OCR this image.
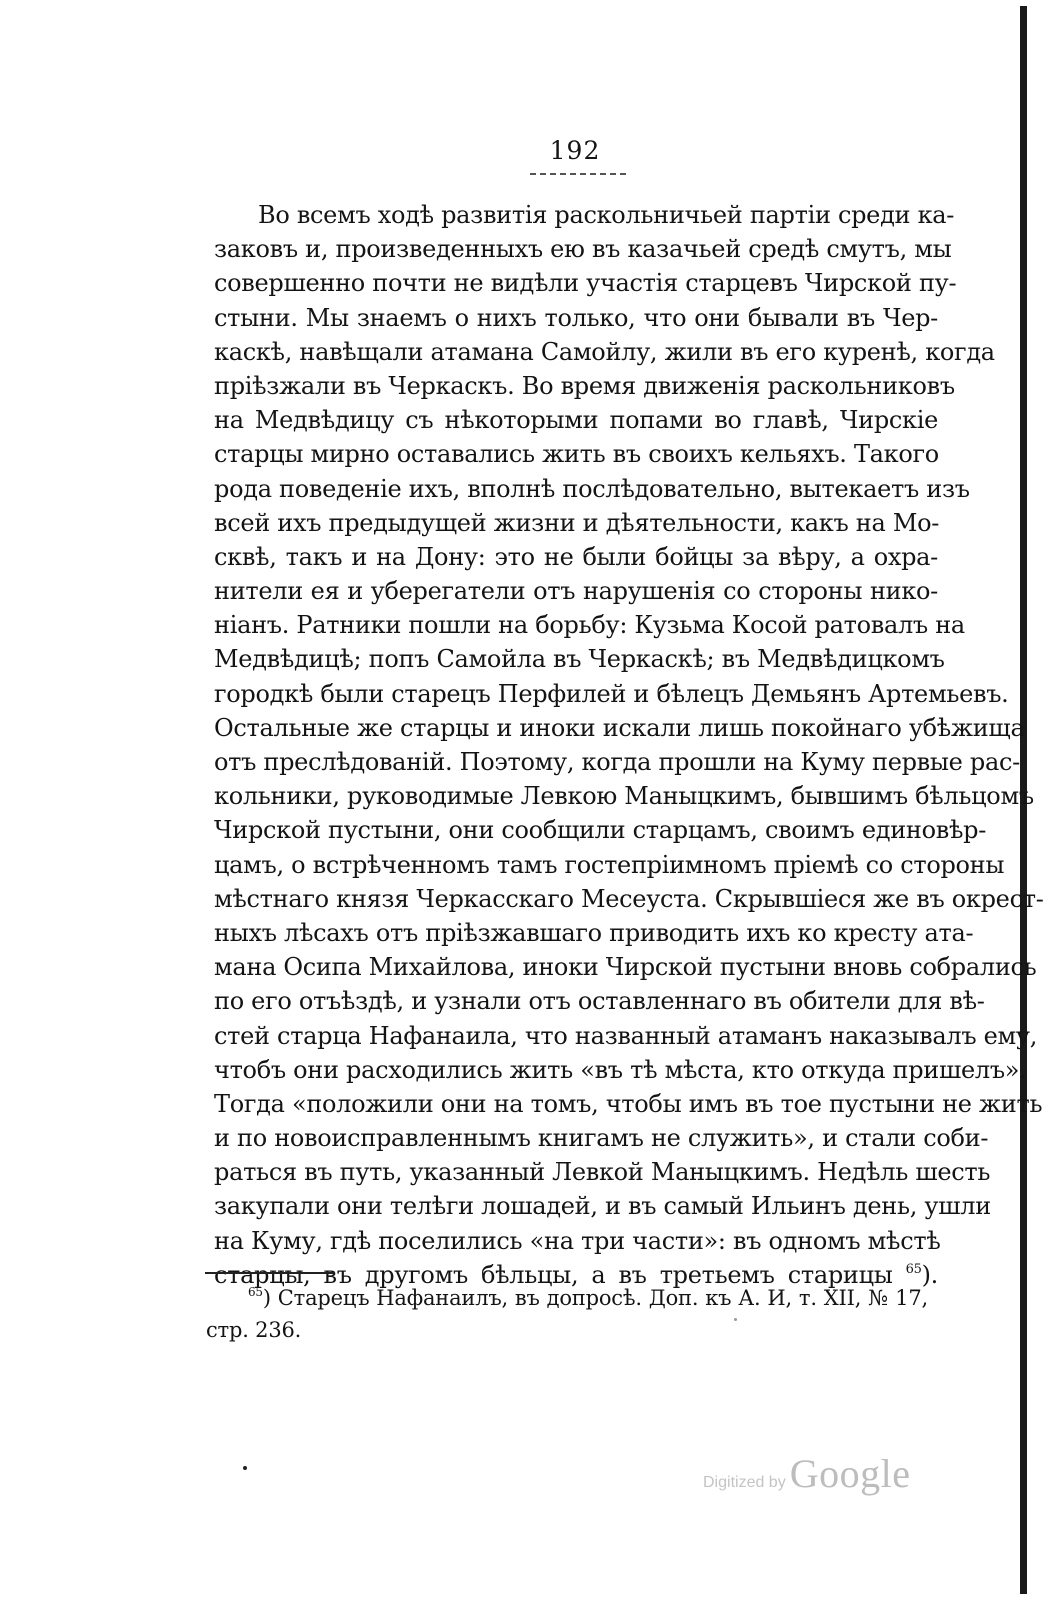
192
Во всемъ ходѣ развитія раскольничьей партіи среди ка-
заковъ и, произведенныхъ ею въ казачьей средѣ смутъ, мы
совершенно почти не видѣли участія старцевъ Чирской пу-
стыни. Мы знаемъ о нихъ только, что они бывали въ Чер-
каскѣ, навѣщали атамана Самойлу, жили въ его куренѣ, когда
пріѣзжали въ Черкаскъ. Во время движенія раскольниковъ
на Медвѣдицу съ нѣкоторыми попами во главѣ, Чирскіе
старцы мирно оставались жить въ своихъ кельяхъ. Такого
рода поведеніе ихъ, вполнѣ послѣдовательно, вытекаетъ изъ
всей ихъ предыдущей жизни и дѣятельности, какъ на Мо-
сквѣ, такъ и на Дону: это не были бойцы за вѣру, а охра-
нители ея и уберегатели отъ нарушенія со стороны нико-
ніанъ. Ратники пошли на борьбу: Кузьма Косой ратовалъ на
Медвѣдицѣ; попъ Самойла въ Черкаскѣ; въ Медвѣдицкомъ
городкѣ были старецъ Перфилей и бѣлецъ Демьянъ Артемьевъ.
Остальные же старцы и иноки искали лишь покойнаго убѣжища
отъ преслѣдованій. Поэтому, когда прошли на Куму первые рас-
кольники, руководимые Левкою Маныцкимъ, бывшимъ бѣльцомъ
Чирской пустыни, они сообщили старцамъ, своимъ единовѣр-
цамъ, о встрѣченномъ тамъ гостепріимномъ пріемѣ со стороны
мѣстнаго князя Черкасскаго Месеуста. Скрывшіеся же въ окрест-
ныхъ лѣсахъ отъ пріѣзжавшаго приводить ихъ ко кресту ата-
мана Осипа Михайлова, иноки Чирской пустыни вновь собрались
по его отъѣздѣ, и узнали отъ оставленнаго въ обители для вѣ-
стей старца Нафанаила, что названный атаманъ наказывалъ ему,
чтобъ они расходились жить «въ тѣ мѣста, кто откуда пришелъ».
Тогда «положили они на томъ, чтобы имъ въ тое пустыни не жить
и по новоисправленнымъ книгамъ не служить», и стали соби-
раться въ путь, указанный Левкой Маныцкимъ. Недѣль шесть
закупали они телѣги лошадей, и въ самый Ильинъ день, ушли
на Куму, гдѣ поселились «на три части»: въ одномъ мѣстѣ
старцы, въ другомъ бѣльцы, а въ третьемъ старицы $^{65}$).
$^{65}$) Старецъ Нафанаилъ, въ допросѣ. Доп. къ А. И, т. XII, № 17,
стр. 236.
Digitized by Google
